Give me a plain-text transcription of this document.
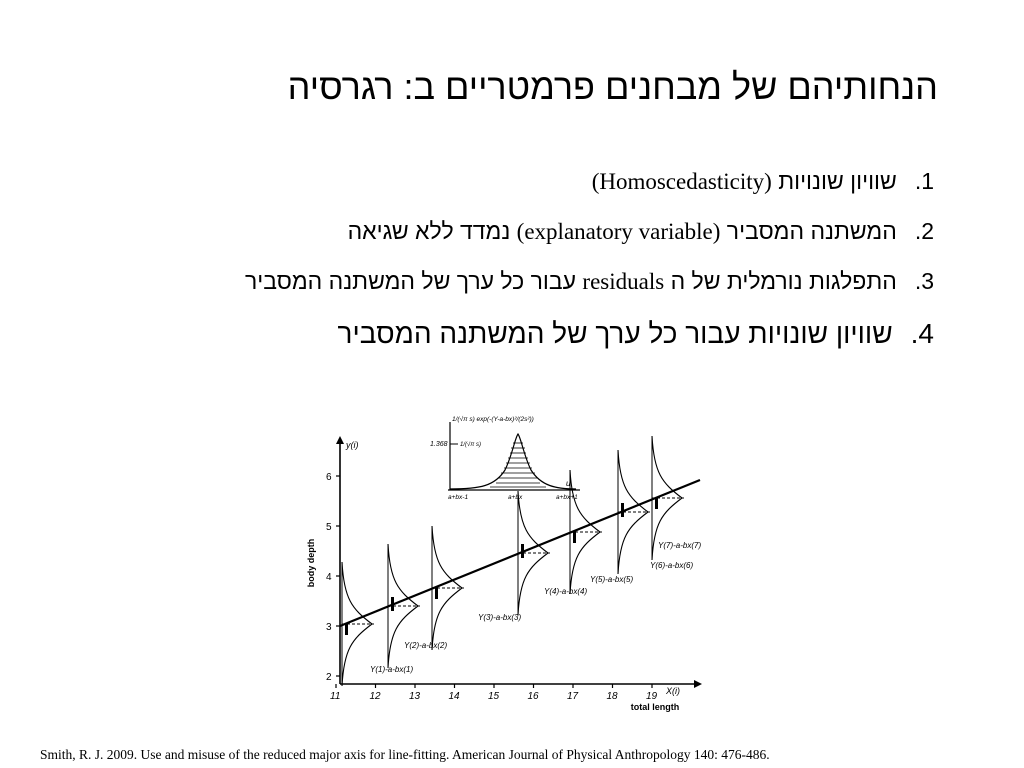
הנחותיהם של מבחנים פרמטריים ב: רגרסיה
1.
שוויון שונויות

(Homoscedasticity)
2.
המשתנה המסביר

(explanatory variable)

נמדד ללא שגיאה
3.
התפלגות נורמלית של ה

residuals

עבור כל ערך של המשתנה המסביר
4.
שוויון שונויות עבור כל ערך של המשתנה המסביר
1/(√π s) exp(-(Y-a-bx)²/(2s²))
1.368 1/(√π s)
u
a+bx-1	a+bx	a+bx+1
y(i)
X(i)
body depth
total length
2
3
4
5
6
11	12	13	14	15	16	17	18	19
Y(1)-a-bx(1)
Y(2)-a-bx(2)
Y(3)-a-bx(3)
Y(4)-a-bx(4)
Y(5)-a-bx(5)
Y(6)-a-bx(6)
Y(7)-a-bx(7)
Smith, R. J. 2009. Use and misuse of the reduced major axis for line-fitting. American Journal of Physical Anthropology 140: 476-486.
